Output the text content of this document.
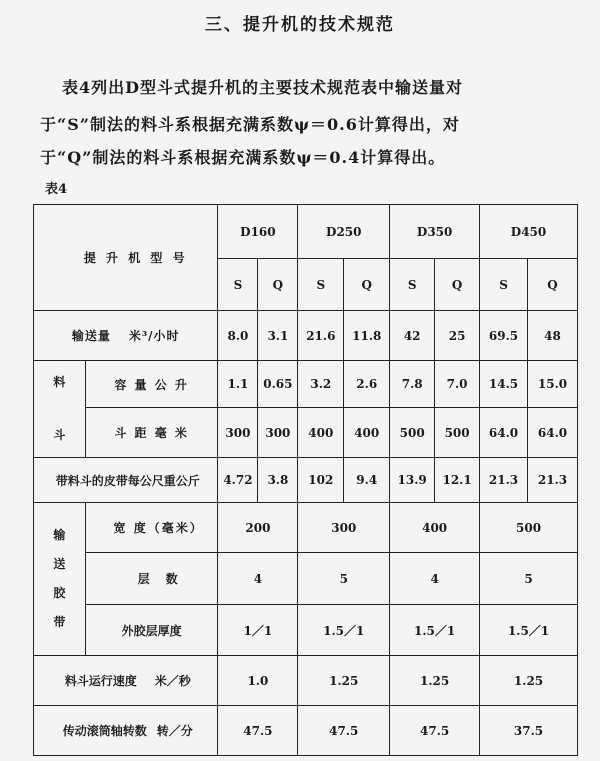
三、提升机的技术规范
表4列出D型斗式提升机的主要技术规范表中输送量对
于“S”制法的料斗系根据充满系数ψ＝0.6计算得出，对
于“Q”制法的料斗系根据充满系数ψ＝0.4计算得出。
表4
提 升 机 型 号		D160		D250		D350		D450	
		S	Q	S	Q	S	Q	S	Q
输送量 米³/小时		8.0	3.1	21.6	11.8	42	25	69.5	48

料
斗	容 量 公 升	1.1	0.65	3.2	2.6	7.8	7.0	14.5	15.0
	斗 距 毫 米	300	300	400	400	500	500	64.0	64.0
带料斗的皮带每公尺重公斤		4.72	3.8	102	9.4	13.9	12.1	21.3	21.3

输
送
胶
带	宽 度（毫米）	200		300		400		500	
	层　数	4		5		4		5	
	外胶层厚度	1／1		1.5／1		1.5／1		1.5／1	
料斗运行速度 米／秒		1.0		1.25		1.25		1.25	
传动滚筒轴转数 转／分		47.5		47.5		47.5		37.5	
